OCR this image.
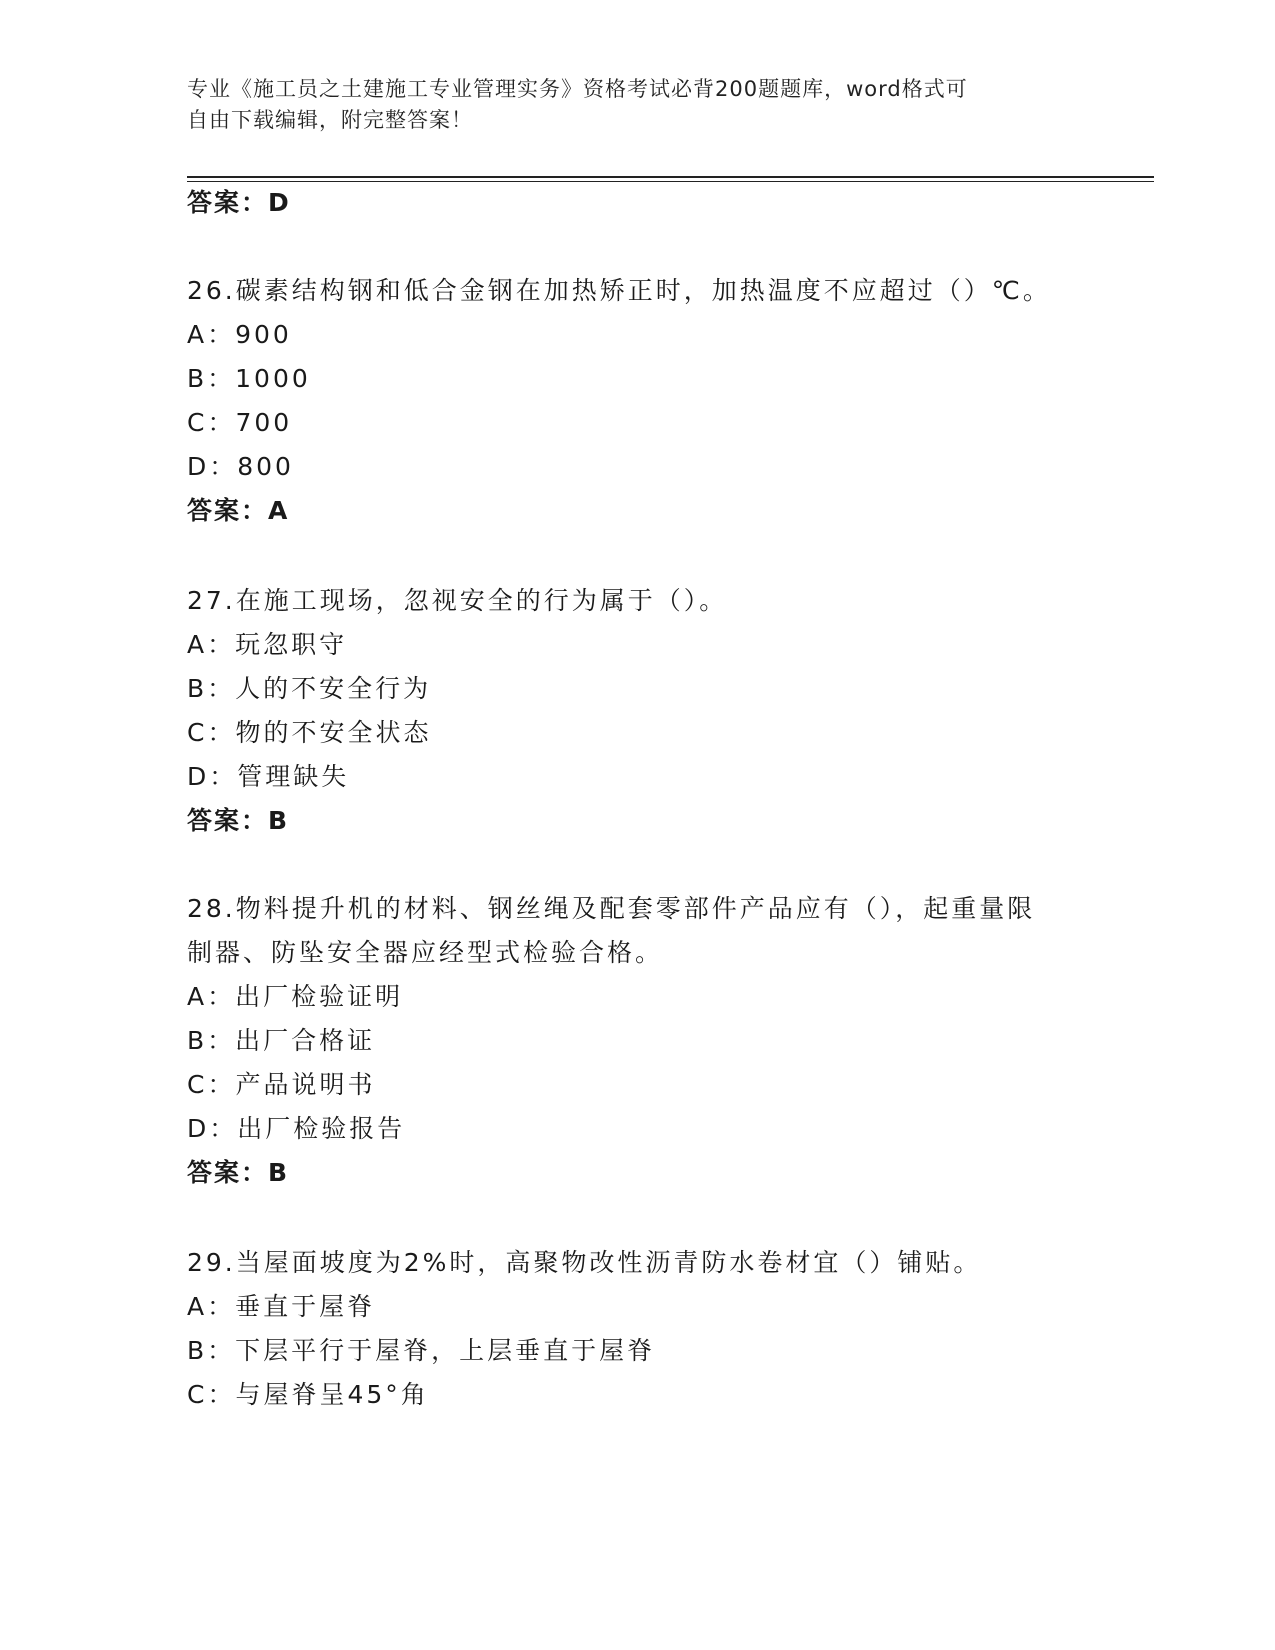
专业《施工员之土建施工专业管理实务》资格考试必背200题题库，word格式可
自由下载编辑，附完整答案！
答案：D
26.碳素结构钢和低合金钢在加热矫正时，加热温度不应超过（）℃。
A：900
B：1000
C：700
D：800
答案：A
27.在施工现场，忽视安全的行为属于（）。
A：玩忽职守
B：人的不安全行为
C：物的不安全状态
D：管理缺失
答案：B
28.物料提升机的材料、钢丝绳及配套零部件产品应有（），起重量限
制器、防坠安全器应经型式检验合格。
A：出厂检验证明
B：出厂合格证
C：产品说明书
D：出厂检验报告
答案：B
29.当屋面坡度为2%时，高聚物改性沥青防水卷材宜（）铺贴。
A：垂直于屋脊
B：下层平行于屋脊，上层垂直于屋脊
C：与屋脊呈45°角
